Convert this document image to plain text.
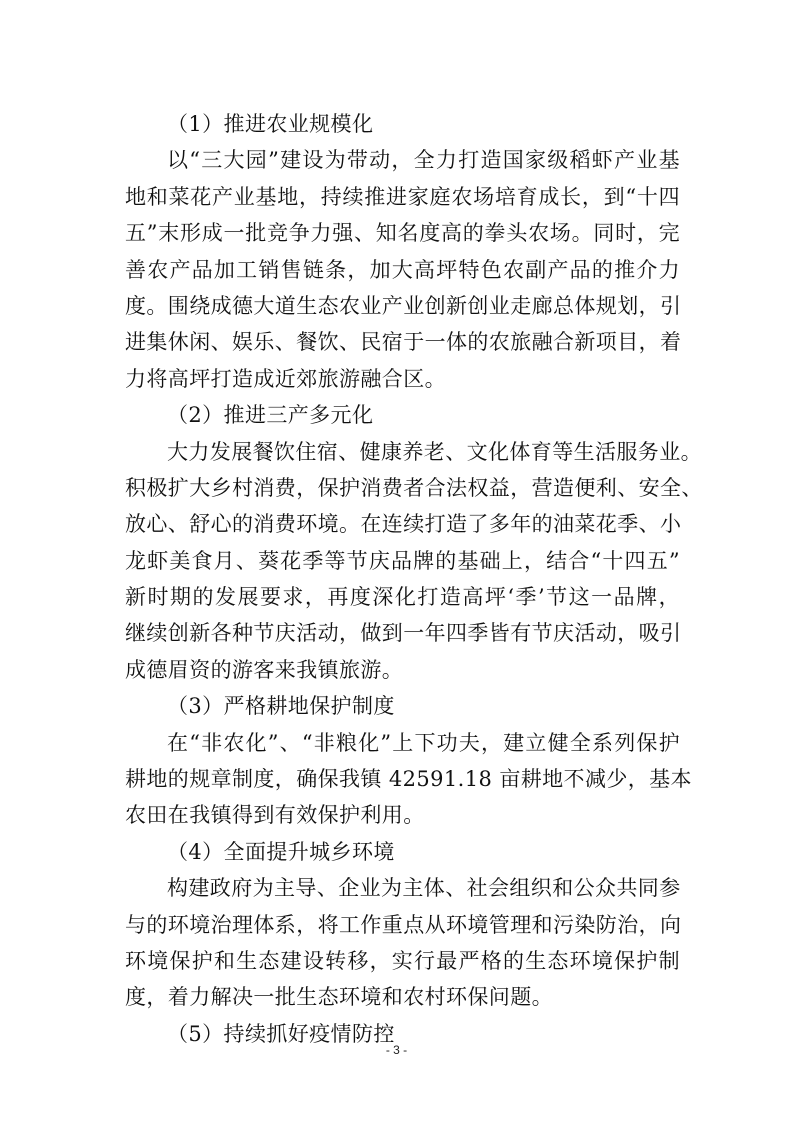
（1）推进农业规模化
以“三大园”建设为带动，全力打造国家级稻虾产业基
地和菜花产业基地，持续推进家庭农场培育成长，到“十四
五”末形成一批竞争力强、知名度高的拳头农场。同时，完
善农产品加工销售链条，加大高坪特色农副产品的推介力
度。围绕成德大道生态农业产业创新创业走廊总体规划，引
进集休闲、娱乐、餐饮、民宿于一体的农旅融合新项目，着
力将高坪打造成近郊旅游融合区。
（2）推进三产多元化
大力发展餐饮住宿、健康养老、文化体育等生活服务业。
积极扩大乡村消费，保护消费者合法权益，营造便利、安全、
放心、舒心的消费环境。在连续打造了多年的油菜花季、小
龙虾美食月、葵花季等节庆品牌的基础上，结合“十四五”
新时期的发展要求，再度深化打造高坪‘季’节这一品牌，
继续创新各种节庆活动，做到一年四季皆有节庆活动，吸引
成德眉资的游客来我镇旅游。
（3）严格耕地保护制度
在“非农化”、“非粮化”上下功夫，建立健全系列保护
耕地的规章制度，确保我镇 42591.18 亩耕地不减少，基本
农田在我镇得到有效保护利用。
（4）全面提升城乡环境
构建政府为主导、企业为主体、社会组织和公众共同参
与的环境治理体系，将工作重点从环境管理和污染防治，向
环境保护和生态建设转移，实行最严格的生态环境保护制
度，着力解决一批生态环境和农村环保问题。
（5）持续抓好疫情防控
- 3 -
